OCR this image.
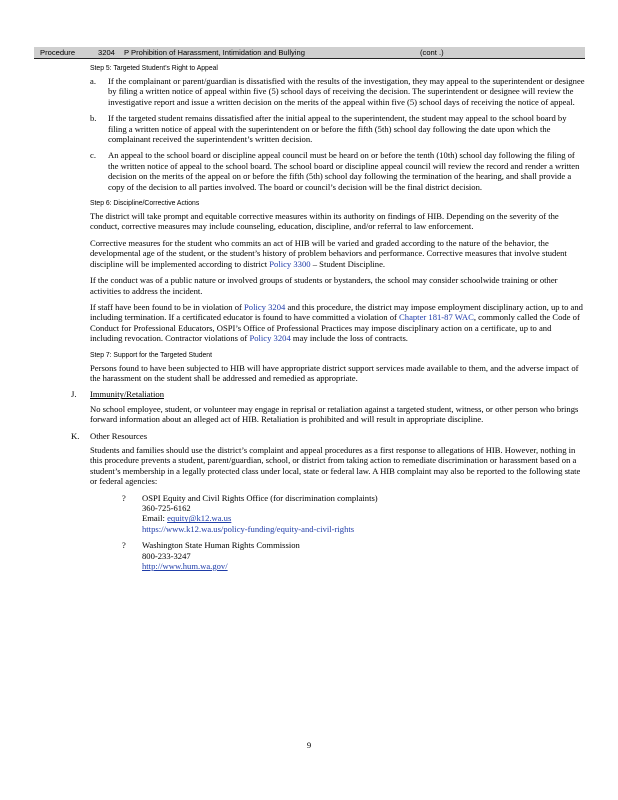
Procedure	3204 P Prohibition of Harassment, Intimidation and Bullying	(cont .)
Step 5: Targeted Student’s Right to Appeal
a. If the complainant or parent/guardian is dissatisfied with the results of the investigation, they may appeal to the superintendent or designee by filing a written notice of appeal within five (5) school days of receiving the decision. The superintendent or designee will review the investigative report and issue a written decision on the merits of the appeal within five (5) school days of receiving the notice of appeal.

b. If the targeted student remains dissatisfied after the initial appeal to the superintendent, the student may appeal to the school board by filing a written notice of appeal with the superintendent on or before the fifth (5th) school day following the date upon which the complainant received the superintendent’s written decision.

c. An appeal to the school board or discipline appeal council must be heard on or before the tenth (10th) school day following the filing of the written notice of appeal to the school board. The school board or discipline appeal council will review the record and render a written decision on the merits of the appeal on or before the fifth (5th) school day following the termination of the hearing, and shall provide a copy of the decision to all parties involved. The board or council’s decision will be the final district decision.

Step 6: Discipline/Corrective Actions

The district will take prompt and equitable corrective measures within its authority on findings of HIB. Depending on the severity of the conduct, corrective measures may include counseling, education, discipline, and/or referral to law enforcement.

Corrective measures for the student who commits an act of HIB will be varied and graded according to the nature of the behavior, the developmental age of the student, or the student’s history of problem behaviors and performance. Corrective measures that involve student discipline will be implemented according to district Policy 3300 – Student Discipline.

If the conduct was of a public nature or involved groups of students or bystanders, the school may consider schoolwide training or other activities to address the incident.

If staff have been found to be in violation of Policy 3204 and this procedure, the district may impose employment disciplinary action, up to and including termination. If a certificated educator is found to have committed a violation of Chapter 181-87 WAC, commonly called the Code of Conduct for Professional Educators, OSPI’s Office of Professional Practices may impose disciplinary action on a certificate, up to and including revocation. Contractor violations of Policy 3204 may include the loss of contracts.

Step 7: Support for the Targeted Student

Persons found to have been subjected to HIB will have appropriate district support services made available to them, and the adverse impact of the harassment on the student shall be addressed and remedied as appropriate.

J. Immunity/Retaliation

No school employee, student, or volunteer may engage in reprisal or retaliation against a targeted student, witness, or other person who brings forward information about an alleged act of HIB. Retaliation is prohibited and will result in appropriate discipline.

K. Other Resources

Students and families should use the district’s complaint and appeal procedures as a first response to allegations of HIB. However, nothing in this procedure prevents a student, parent/guardian, school, or district from taking action to remediate discrimination or harassment based on a student’s membership in a legally protected class under local, state or federal law. A HIB complaint may also be reported to the following state or federal agencies:

? OSPI Equity and Civil Rights Office (for discrimination complaints)
360-725-6162
Email: equity@k12.wa.us
https://www.k12.wa.us/policy-funding/equity-and-civil-rights
? Washington State Human Rights Commission
800-233-3247
http://www.hum.wa.gov/
9
